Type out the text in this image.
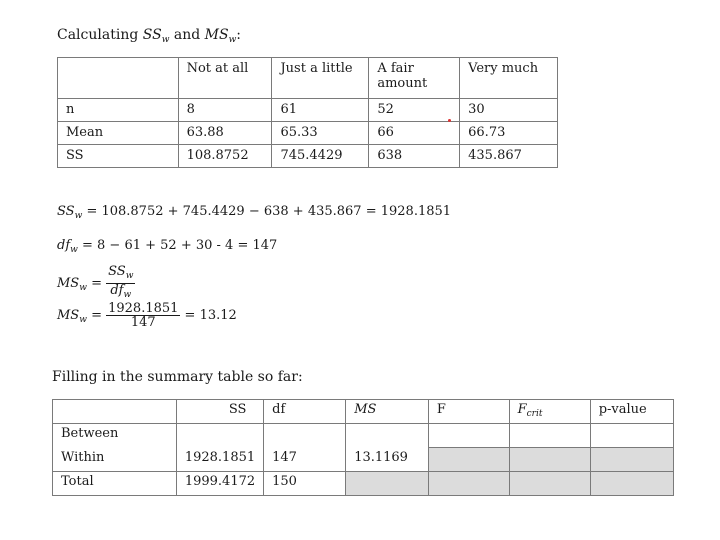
Calculating $SS_w$ and $MS_w$:
	Not at all	Just a little	A fair amount	Very much
n	8	61	52	30
Mean	63.88	65.33	66	66.73
SS	108.8752	745.4429	638	435.867
$SS_w = 108.8752 + 745.4429 - 638 + 435.867 = 1928.1851$
$df_w = 8 - 61 + 52 + 30 - 4 = 147$
$MS_w = \frac{SS_w}{df_w}$
$MS_w = \frac{1928.1851}{147} = 13.12$
Filling in the summary table so far:
	SS	df	MS	F	$F_{crit}$	p-value
Between						
Within	1928.1851	147	13.1169			
Total	1999.4172	150				
